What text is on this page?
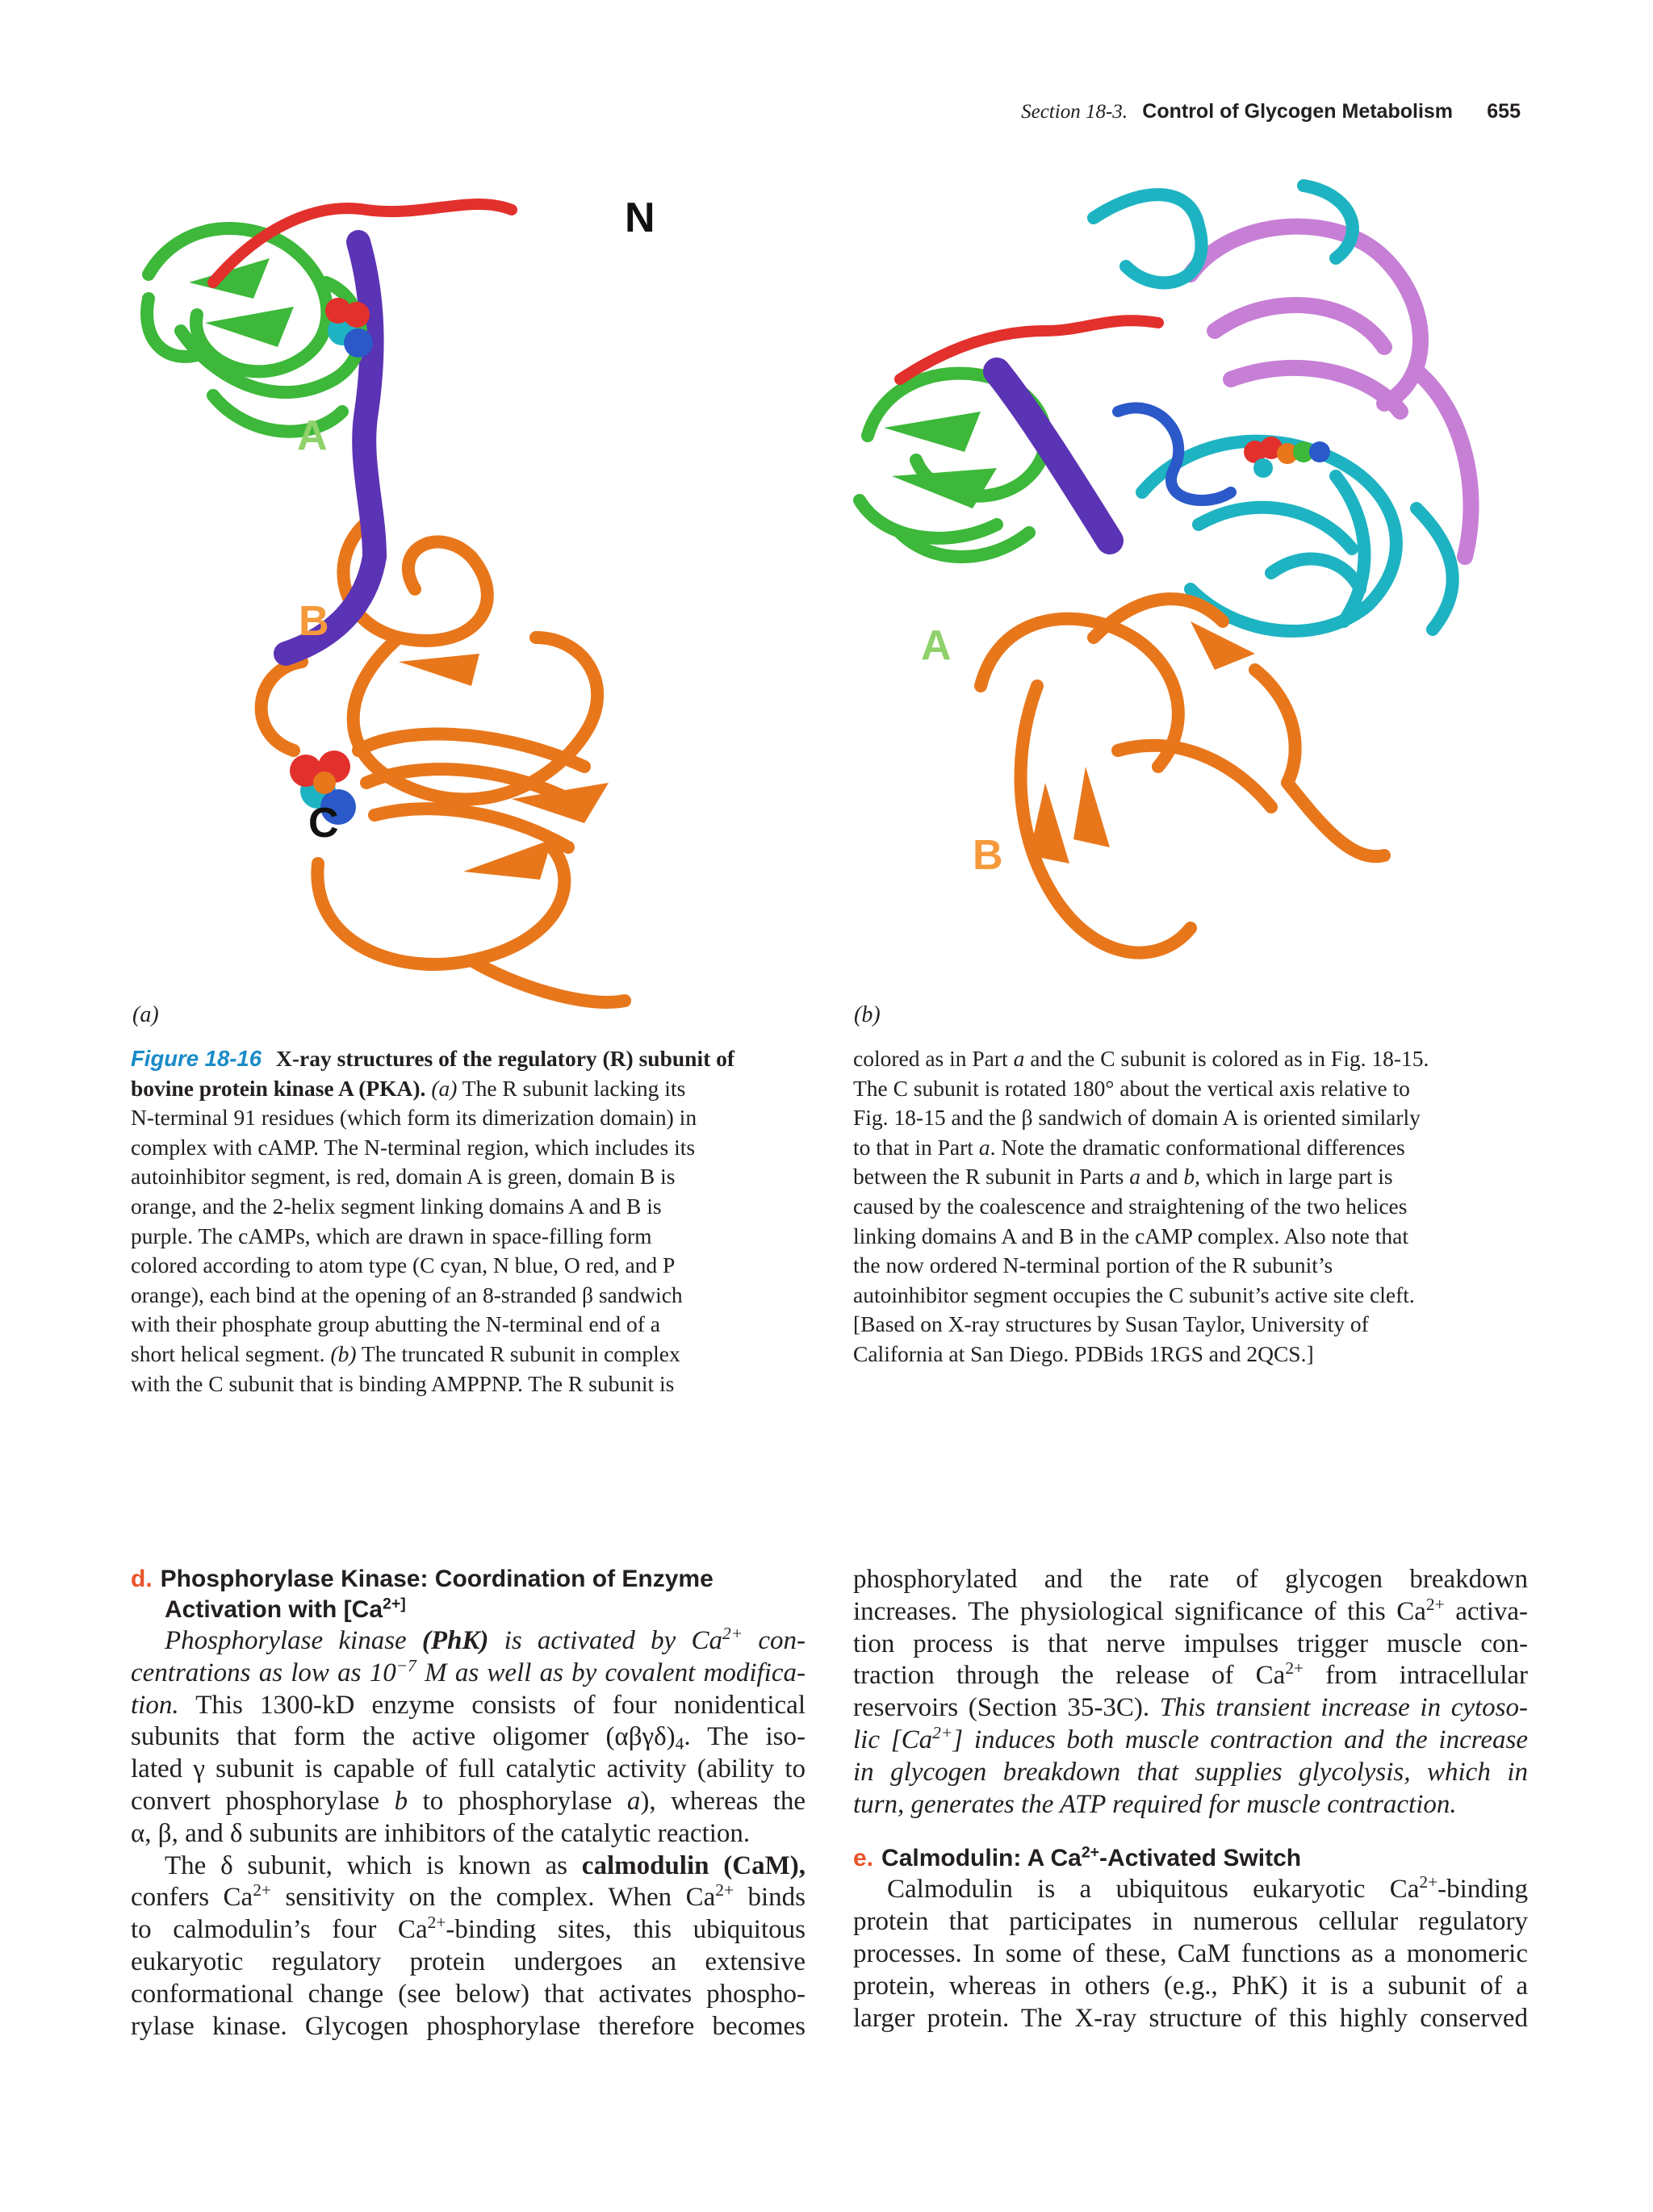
Section 18-3. Control of Glycogen Metabolism 655
N
A
B
C
(a)
A
B
(b)
Figure 18-16 X-ray structures of the regulatory (R) subunit of
bovine protein kinase A (PKA). (a) The R subunit lacking its
N-terminal 91 residues (which form its dimerization domain) in
complex with cAMP. The N-terminal region, which includes its
autoinhibitor segment, is red, domain A is green, domain B is
orange, and the 2-helix segment linking domains A and B is
purple. The cAMPs, which are drawn in space-filling form
colored according to atom type (C cyan, N blue, O red, and P
orange), each bind at the opening of an 8-stranded β sandwich
with their phosphate group abutting the N-terminal end of a
short helical segment. (b) The truncated R subunit in complex
with the C subunit that is binding AMPPNP. The R subunit is
colored as in Part a and the C subunit is colored as in Fig. 18-15.
The C subunit is rotated 180° about the vertical axis relative to
Fig. 18-15 and the β sandwich of domain A is oriented similarly
to that in Part a. Note the dramatic conformational differences
between the R subunit in Parts a and b, which in large part is
caused by the coalescence and straightening of the two helices
linking domains A and B in the cAMP complex. Also note that
the now ordered N-terminal portion of the R subunit’s
autoinhibitor segment occupies the C subunit’s active site cleft.
[Based on X-ray structures by Susan Taylor, University of
California at San Diego. PDBids 1RGS and 2QCS.]
d. Phosphorylase Kinase: Coordination of Enzyme
Activation with [$Ca^{2+]}$
Phosphorylase kinase (PhK) is activated by $Ca^{2+}$ con-
centrations as low as $10^{-7}$ M as well as by covalent modifica-
tion. This 1300-kD enzyme consists of four nonidentical
subunits that form the active oligomer $(\alpha\beta\gamma\delta)_4$. The iso-
lated γ subunit is capable of full catalytic activity (ability to
convert phosphorylase b to phosphorylase a), whereas the
α, β, and δ subunits are inhibitors of the catalytic reaction.
The δ subunit, which is known as calmodulin (CaM),
confers $Ca^{2+}$ sensitivity on the complex. When $Ca^{2+}$ binds
to calmodulin’s four $Ca^{2+}$-binding sites, this ubiquitous
eukaryotic regulatory protein undergoes an extensive
conformational change (see below) that activates phospho-
rylase kinase. Glycogen phosphorylase therefore becomes
phosphorylated and the rate of glycogen breakdown
increases. The physiological significance of this $Ca^{2+}$ activa-
tion process is that nerve impulses trigger muscle con-
traction through the release of $Ca^{2+}$ from intracellular
reservoirs (Section 35-3C). This transient increase in cytoso-
lic $[Ca^{2+}]$ induces both muscle contraction and the increase
in glycogen breakdown that supplies glycolysis, which in
turn, generates the ATP required for muscle contraction.
e. Calmodulin: A $Ca^{2+}$-Activated Switch
Calmodulin is a ubiquitous eukaryotic $Ca^{2+}$-binding
protein that participates in numerous cellular regulatory
processes. In some of these, CaM functions as a monomeric
protein, whereas in others (e.g., PhK) it is a subunit of a
larger protein. The X-ray structure of this highly conserved
